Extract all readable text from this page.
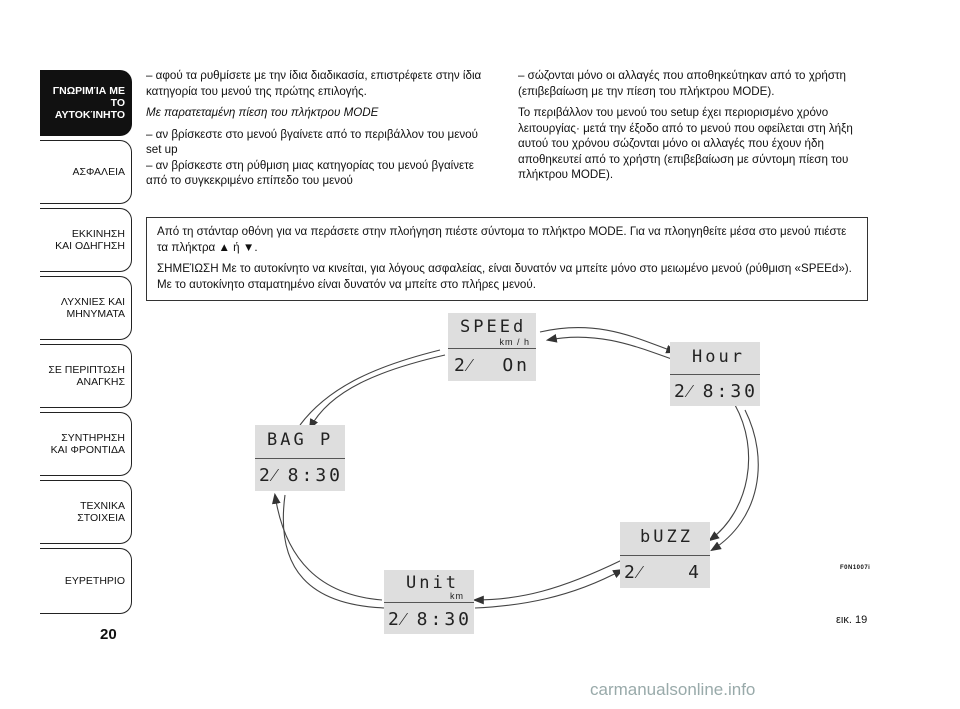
ΓΝΩΡΙΜΊΑ ΜΕ
ΤΟ ΑΥΤΟΚΊΝΗΤΟ
ΑΣΦΑΛΕΙΑ
ΕΚΚΙΝΗΣΗ
ΚΑΙ ΟΔΗΓΗΣΗ
ΛΥΧΝΙΕΣ ΚΑΙ
ΜΗΝΥΜΑΤΑ
ΣΕ ΠΕΡΙΠΤΩΣΗ
ΑΝΑΓΚΗΣ
ΣΥΝΤΗΡΗΣΗ
ΚΑΙ ΦΡΟΝΤΙΔΑ
ΤΕΧΝΙΚΑ
ΣΤΟΙΧΕΙΑ
ΕΥΡΕΤΗΡΙΟ
20

– αφού τα ρυθμίσετε με την ίδια διαδικασία, επιστρέφετε στην ίδια κατηγορία του μενού της πρώτης επιλογής.

Με παρατεταμένη πίεση του πλήκτρου MODE

– αν βρίσκεστε στο μενού βγαίνετε από το περιβάλλον του μενού set up

– αν βρίσκεστε στη ρύθμιση μιας κατηγορίας του μενού βγαίνετε από το συγκεκριμένο επίπεδο του μενού

– σώζονται μόνο οι αλλαγές που αποθηκεύτηκαν από το χρήστη (επιβεβαίωση με την πίεση του πλήκτρου MODE).

Το περιβάλλον του μενού του setup έχει περιορισμένο χρόνο λειτουργίας· μετά την έξοδο από το μενού που οφείλεται στη λήξη αυτού του χρόνου σώζονται μόνο οι αλλαγές που έχουν ήδη αποθηκευτεί από το χρήστη (επιβεβαίωση με σύντομη πίεση του πλήκτρου MODE).

Από τη στάνταρ οθόνη για να περάσετε στην πλοήγηση πιέστε σύντομα το πλήκτρο MODE. Για να πλοηγηθείτε μέσα στο μενού πιέστε τα πλήκτρα ▲ ή ▼.

ΣΗΜΕΊΩΣΗ Με το αυτοκίνητο να κινείται, για λόγους ασφαλείας, είναι δυνατόν να μπείτε μόνο στο μειωμένο μενού (ρύθμιση «SPEEd»). Με το αυτοκίνητο σταματημένο είναι δυνατόν να μπείτε στο πλήρες μενού.

SPEEd
km / h
2⁄ On	Hour
2⁄ 8:30
BAG P
2⁄ 8:30
bUZZ
2⁄ 4
Unit
km
2⁄ 8:30
F0N1007i
εικ. 19
carmanualsonline.info
